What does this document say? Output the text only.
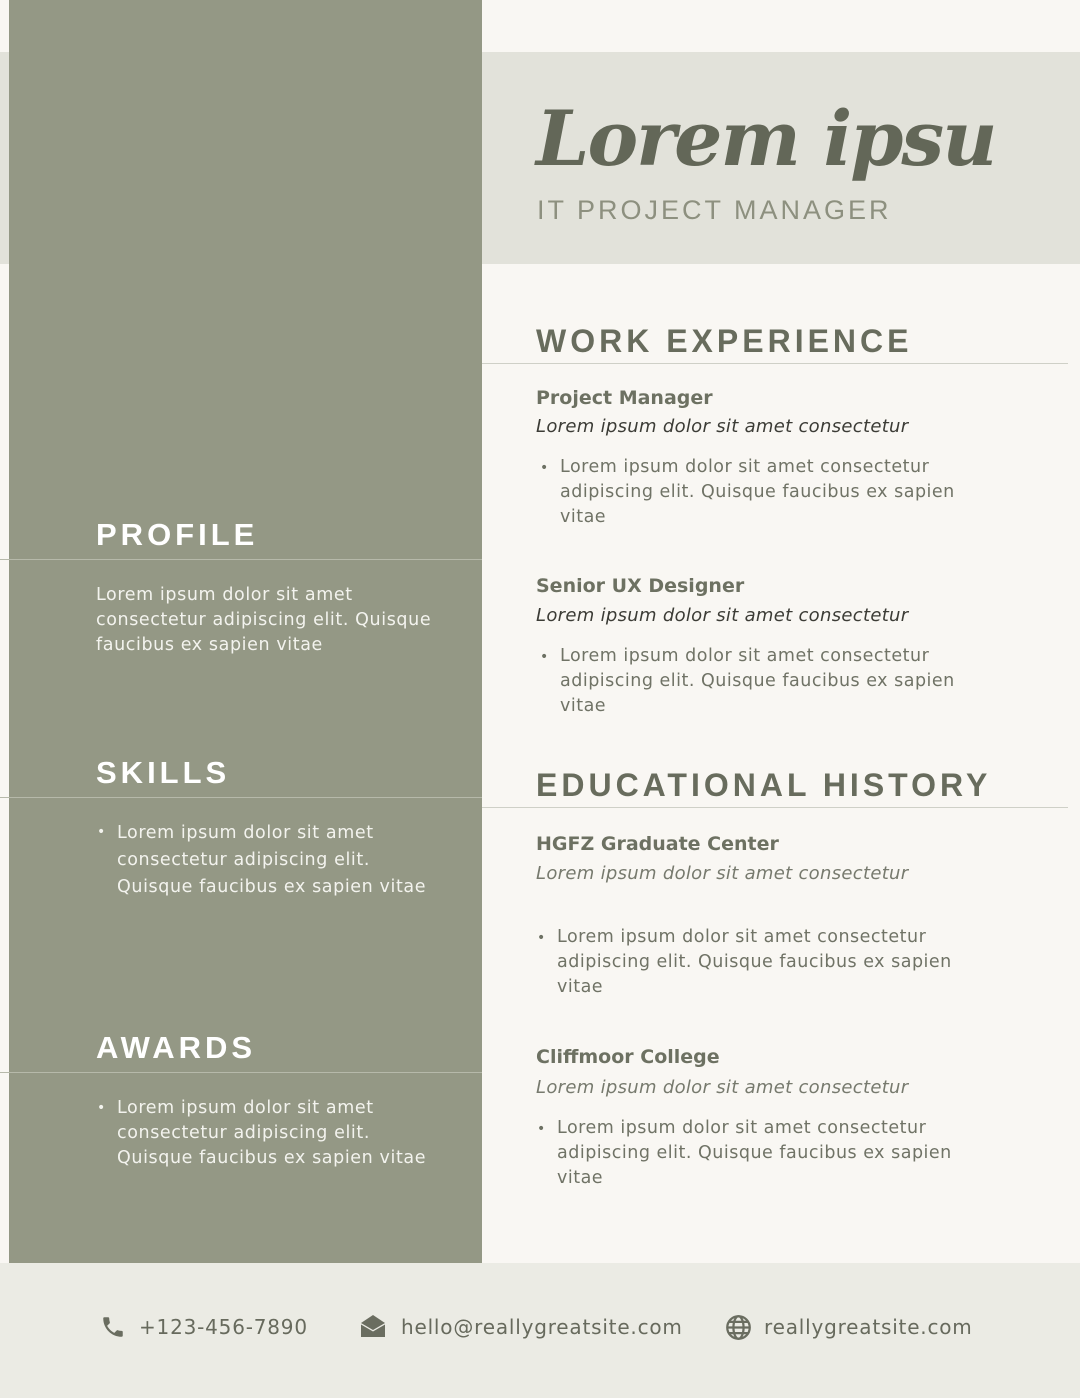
Lorem ipsu
IT PROJECT MANAGER
PROFILE
Lorem ipsum dolor sit amet consectetur adipiscing elit. Quisque faucibus ex sapien vitae
SKILLS
• Lorem ipsum dolor sit amet consectetur adipiscing elit. Quisque faucibus ex sapien vitae
AWARDS
• Lorem ipsum dolor sit amet consectetur adipiscing elit. Quisque faucibus ex sapien vitae
WORK EXPERIENCE
Project Manager
Lorem ipsum dolor sit amet consectetur
• Lorem ipsum dolor sit amet consectetur adipiscing elit. Quisque faucibus ex sapien vitae
Senior UX Designer
Lorem ipsum dolor sit amet consectetur
• Lorem ipsum dolor sit amet consectetur adipiscing elit. Quisque faucibus ex sapien vitae
EDUCATIONAL HISTORY
HGFZ Graduate Center
Lorem ipsum dolor sit amet consectetur
• Lorem ipsum dolor sit amet consectetur adipiscing elit. Quisque faucibus ex sapien vitae
Cliffmoor College
Lorem ipsum dolor sit amet consectetur
• Lorem ipsum dolor sit amet consectetur adipiscing elit. Quisque faucibus ex sapien vitae
+123-456-7890	hello@reallygreatsite.com	reallygreatsite.com
